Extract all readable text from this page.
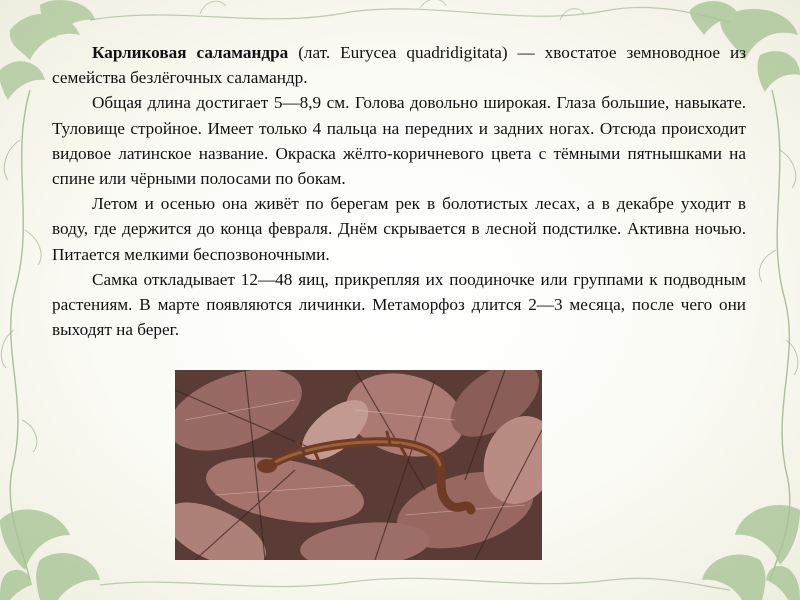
Карликовая саламандра (лат. Eurycea quadridigitata) — хвостатое земноводное из семейства безлёгочных саламандр.

Общая длина достигает 5—8,9 см. Голова довольно широкая. Глаза большие, навыкате. Туловище стройное. Имеет только 4 пальца на передних и задних ногах. Отсюда происходит видовое латинское название. Окраска жёлто-коричневого цвета с тёмными пятнышками на спине или чёрными полосами по бокам.

Летом и осенью она живёт по берегам рек в болотистых лесах, а в декабре уходит в воду, где держится до конца февраля. Днём скрывается в лесной подстилке. Активна ночью. Питается мелкими беспозвоночными.

Самка откладывает 12—48 яиц, прикрепляя их поодиночке или группами к подводным растениям. В марте появляются личинки. Метаморфоз длится 2—3 месяца, после чего они выходят на берег.
